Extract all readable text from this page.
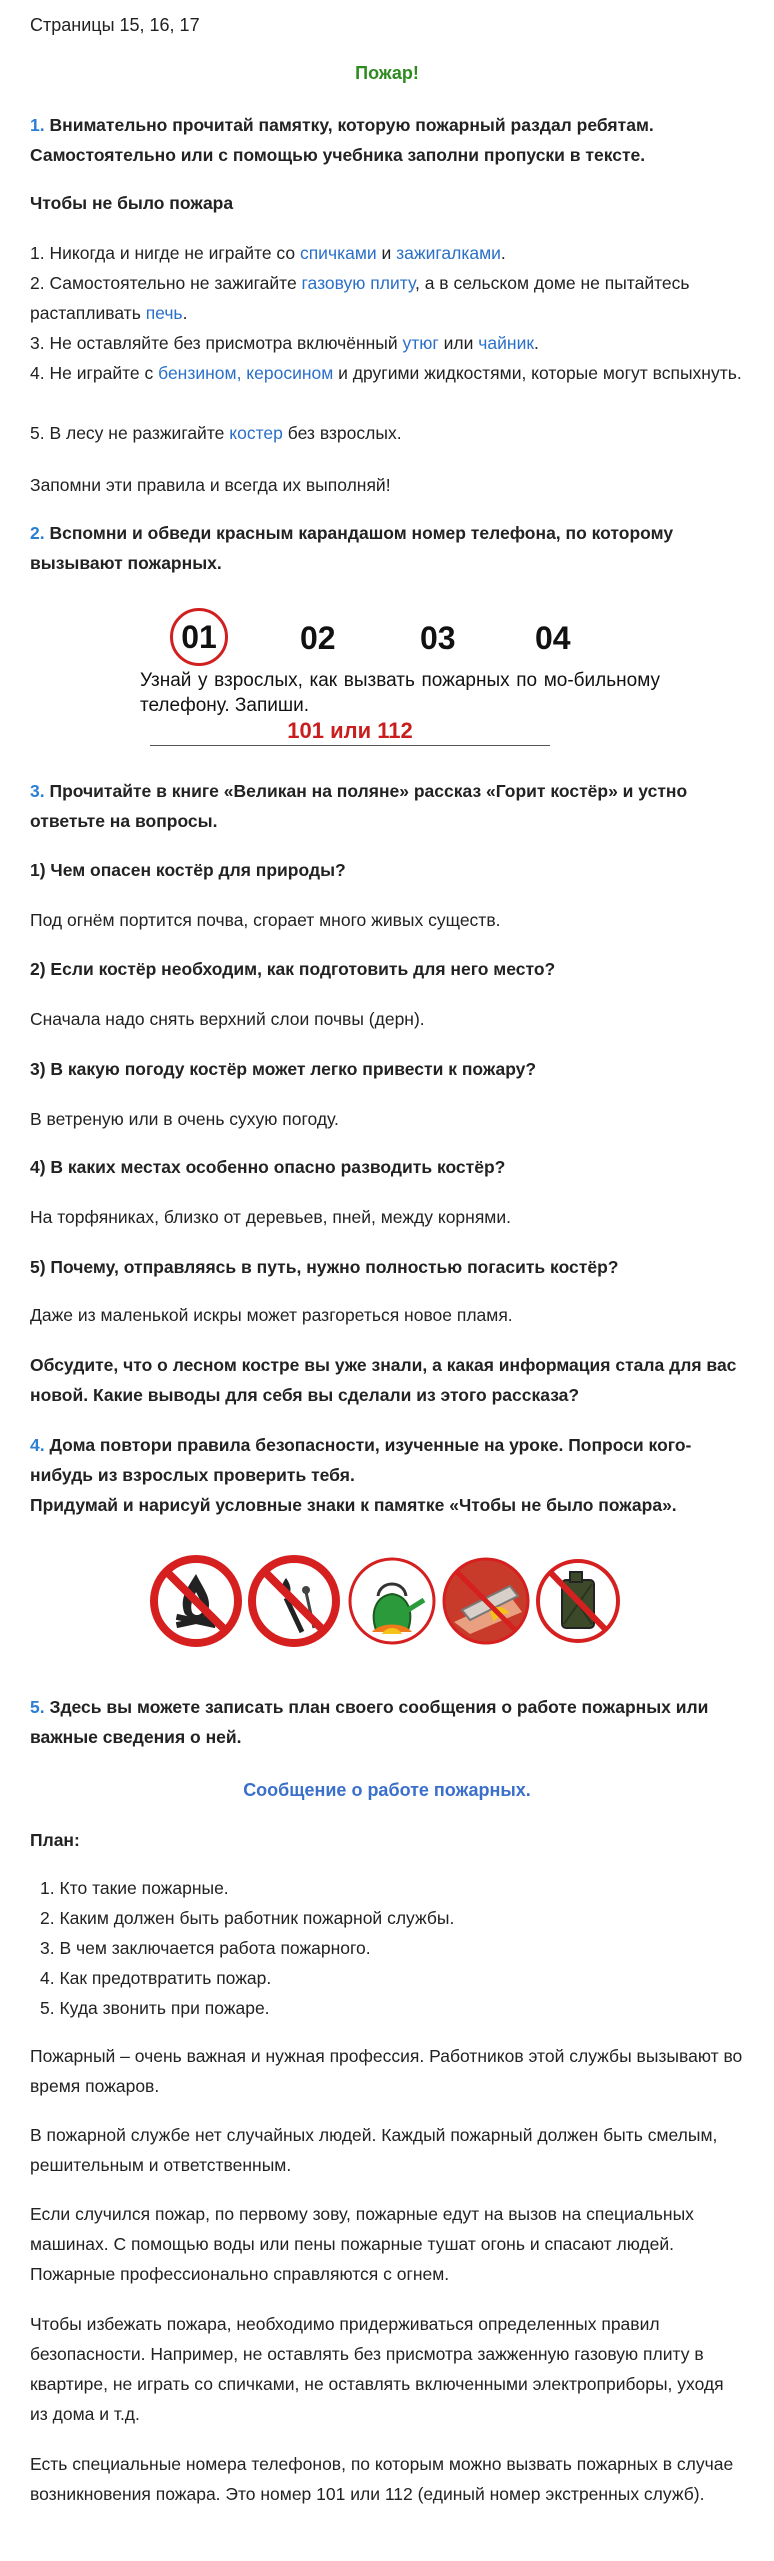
Страницы 15, 16, 17
Пожар!
1. Внимательно прочитай памятку, которую пожарный раздал ребятам. Самостоятельно или с помощью учебника заполни пропуски в тексте.
Чтобы не было пожара
1. Никогда и нигде не играйте со спичками и зажигалками.
2. Самостоятельно не зажигайте газовую плиту, а в сельском доме не пытайтесь растапливать печь.
3. Не оставляйте без присмотра включённый утюг или чайник.
4. Не играйте с бензином, керосином и другими жидкостями, которые могут вспыхнуть.
5. В лесу не разжигайте костер без взрослых.
Запомни эти правила и всегда их выполняй!
2. Вспомни и обведи красным карандашом номер телефона, по которому вызывают пожарных.
01	02	03 04
Узнай у взрослых, как вызвать пожарных по мо-бильному телефону. Запиши.
101 или 112
3. Прочитайте в книге «Великан на поляне» рассказ «Горит костёр» и устно ответьте на вопросы.
1) Чем опасен костёр для природы?
Под огнём портится почва, сгорает много живых существ.
2) Если костёр необходим, как подготовить для него место?
Сначала надо снять верхний слои почвы (дерн).
3) В какую погоду костёр может легко привести к пожару?
В ветреную или в очень сухую погоду.
4) В каких местах особенно опасно разводить костёр?
На торфяниках, близко от деревьев, пней, между корнями.
5) Почему, отправляясь в путь, нужно полностью погасить костёр?
Даже из маленькой искры может разгореться новое пламя.
Обсудите, что о лесном костре вы уже знали, а какая информация стала для вас новой. Какие выводы для себя вы сделали из этого рассказа?
4. Дома повтори правила безопасности, изученные на уроке. Попроси кого-нибудь из взрослых проверить тебя.
Придумай и нарисуй условные знаки к памятке «Чтобы не было пожара».
5. Здесь вы можете записать план своего сообщения о работе пожарных или важные сведения о ней.
Сообщение о работе пожарных.
План:
1. Кто такие пожарные.
2. Каким должен быть работник пожарной службы.
3. В чем заключается работа пожарного.
4. Как предотвратить пожар.
5. Куда звонить при пожаре.
Пожарный – очень важная и нужная профессия. Работников этой службы вызывают во время пожаров.
В пожарной службе нет случайных людей. Каждый пожарный должен быть смелым, решительным и ответственным.
Если случился пожар, по первому зову, пожарные едут на вызов на специальных машинах. С помощью воды или пены пожарные тушат огонь и спасают людей. Пожарные профессионально справляются с огнем.
Чтобы избежать пожара, необходимо придерживаться определенных правил безопасности. Например, не оставлять без присмотра зажженную газовую плиту в квартире, не играть со спичками, не оставлять включенными электроприборы, уходя из дома и т.д.
Есть специальные номера телефонов, по которым можно вызвать пожарных в случае возникновения пожара. Это номер 101 или 112 (единый номер экстренных служб).
